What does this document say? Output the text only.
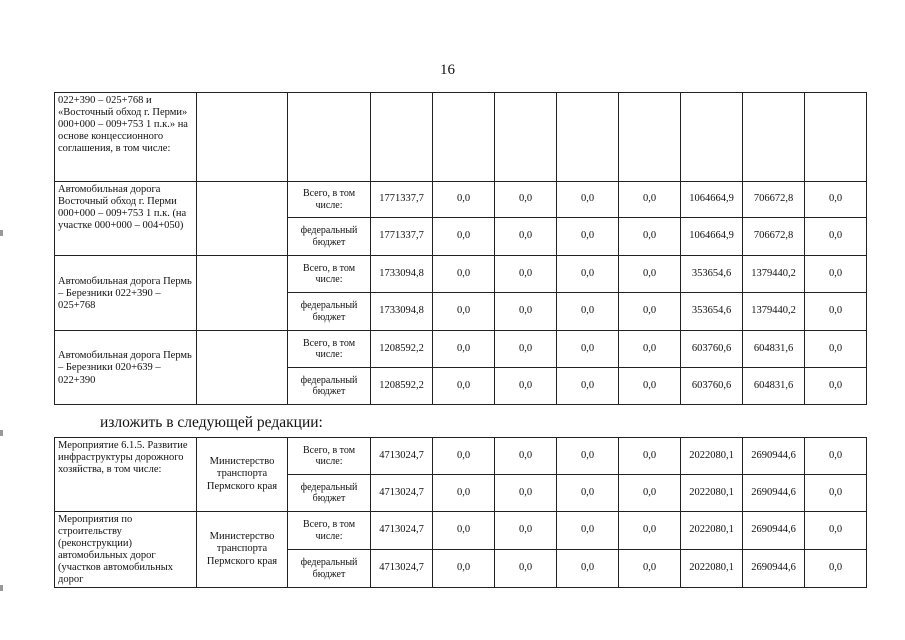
16
022+390 – 025+768 и «Восточный обход г. Перми» 000+000 – 009+753 1 п.к.» на основе концессионного соглашения, в том числе:										
Автомобильная дорога Восточный обход г. Перми 000+000 – 009+753 1 п.к. (на участке 000+000 – 004+050)		Всего, в том числе:	1771337,7	0,0	0,0	0,0	0,0	1064664,9	706672,8	0,0
		федеральный бюджет	1771337,7	0,0	0,0	0,0	0,0	1064664,9	706672,8	0,0
Автомобильная дорога Пермь – Березники 022+390 – 025+768		Всего, в том числе:	1733094,8	0,0	0,0	0,0	0,0	353654,6	1379440,2	0,0
		федеральный бюджет	1733094,8	0,0	0,0	0,0	0,0	353654,6	1379440,2	0,0
Автомобильная дорога Пермь – Березники 020+639 – 022+390		Всего, в том числе:	1208592,2	0,0	0,0	0,0	0,0	603760,6	604831,6	0,0
		федеральный бюджет	1208592,2	0,0	0,0	0,0	0,0	603760,6	604831,6	0,0
изложить в следующей редакции:
Мероприятие 6.1.5. Развитие инфраструктуры дорожного хозяйства, в том числе:	Министерство транспорта Пермского края	Всего, в том числе:	4713024,7	0,0	0,0	0,0	0,0	2022080,1	2690944,6	0,0
		федеральный бюджет	4713024,7	0,0	0,0	0,0	0,0	2022080,1	2690944,6	0,0
Мероприятия по строительству (реконструкции) автомобильных дорог (участков автомобильных дорог	Министерство транспорта Пермского края	Всего, в том числе:	4713024,7	0,0	0,0	0,0	0,0	2022080,1	2690944,6	0,0
		федеральный бюджет	4713024,7	0,0	0,0	0,0	0,0	2022080,1	2690944,6	0,0
